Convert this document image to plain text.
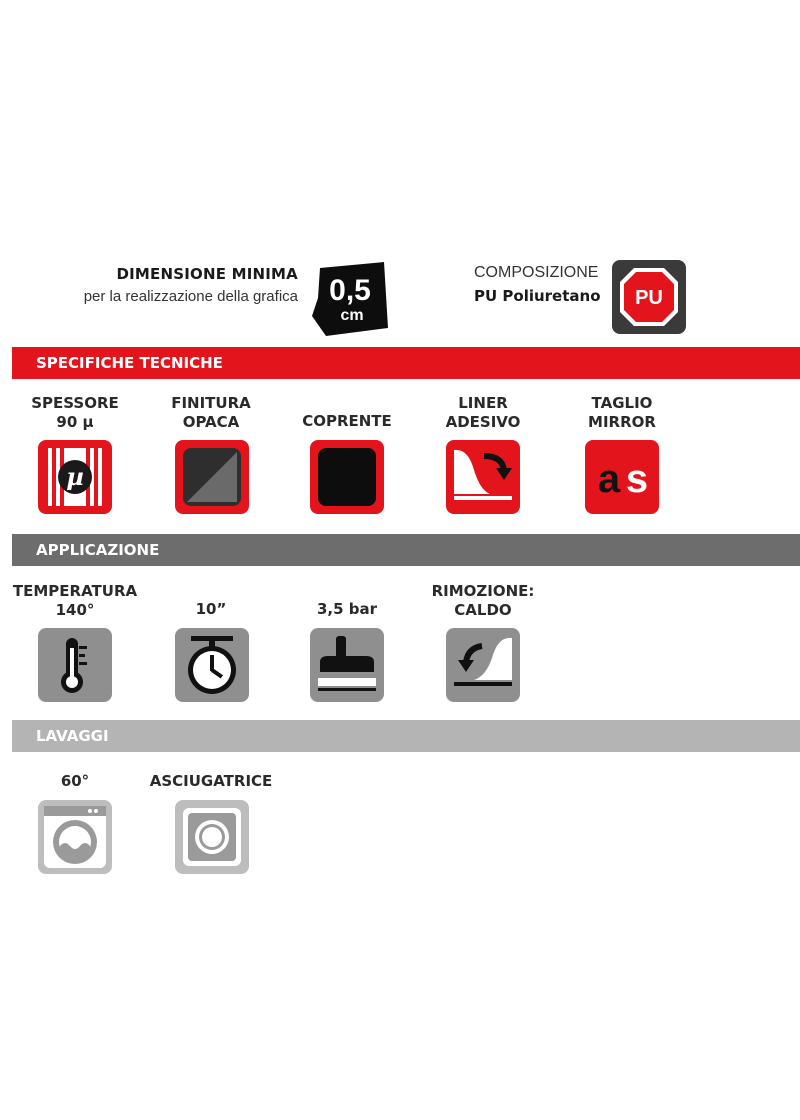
DIMENSIONE MINIMA
per la realizzazione della grafica 0,5
cm
COMPOSIZIONE
PU Poliuretano PU
SPECIFICHE TECNICHE
SPESSORE
90 µ
µ
FINITURA
OPACA	COPRENTE
LINER
ADESIVO
TAGLIO
MIRROR
a s
APPLICAZIONE
TEMPERATURA
140°	10”	3,5 bar
RIMOZIONE:
CALDO
LAVAGGI
60°	ASCIUGATRICE
